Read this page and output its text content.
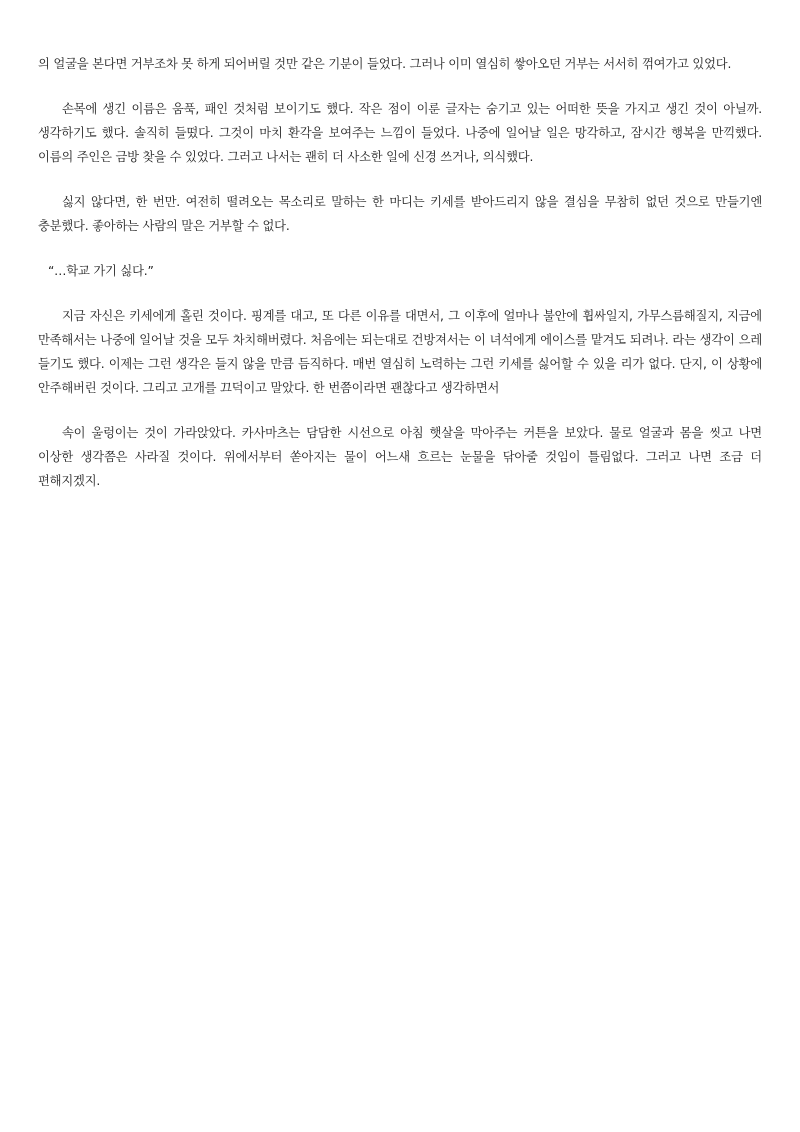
의 얼굴을 본다면 거부조차 못 하게 되어버릴 것만 같은 기분이 들었다. 그러나 이미 열심히 쌓아오던 거부는 서서히 꺾여가고 있었다.

손목에 생긴 이름은 움푹, 패인 것처럼 보이기도 했다. 작은 점이 이룬 글자는 숨기고 있는 어떠한 뜻을 가지고 생긴 것이 아닐까. 생각하기도 했다. 솔직히 들떴다. 그것이 마치 환각을 보여주는 느낌이 들었다. 나중에 일어날 일은 망각하고, 잠시간 행복을 만끽했다. 이름의 주인은 금방 찾을 수 있었다. 그러고 나서는 괜히 더 사소한 일에 신경 쓰거나, 의식했다.

싫지 않다면, 한 번만. 여전히 떨려오는 목소리로 말하는 한 마디는 키세를 받아드리지 않을 결심을 무참히 없던 것으로 만들기엔 충분했다. 좋아하는 사람의 말은 거부할 수 없다.

“…학교 가기 싫다.”

지금 자신은 키세에게 홀린 것이다. 핑계를 대고, 또 다른 이유를 대면서, 그 이후에 얼마나 불안에 휩싸일지, 가무스름해질지, 지금에 만족해서는 나중에 일어날 것을 모두 차치해버렸다. 처음에는 되는대로 건방져서는 이 녀석에게 에이스를 맡겨도 되려나. 라는 생각이 으레 들기도 했다. 이제는 그런 생각은 들지 않을 만큼 듬직하다. 매번 열심히 노력하는 그런 키세를 싫어할 수 있을 리가 없다. 단지, 이 상황에 안주해버린 것이다. 그리고 고개를 끄덕이고 말았다. 한 번쯤이라면 괜찮다고 생각하면서

속이 울렁이는 것이 가라앉았다. 카사마츠는 담담한 시선으로 아침 햇살을 막아주는 커튼을 보았다. 물로 얼굴과 몸을 씻고 나면 이상한 생각쯤은 사라질 것이다. 위에서부터 쏟아지는 물이 어느새 흐르는 눈물을 닦아줄 것임이 틀림없다. 그러고 나면 조금 더 편해지겠지.
